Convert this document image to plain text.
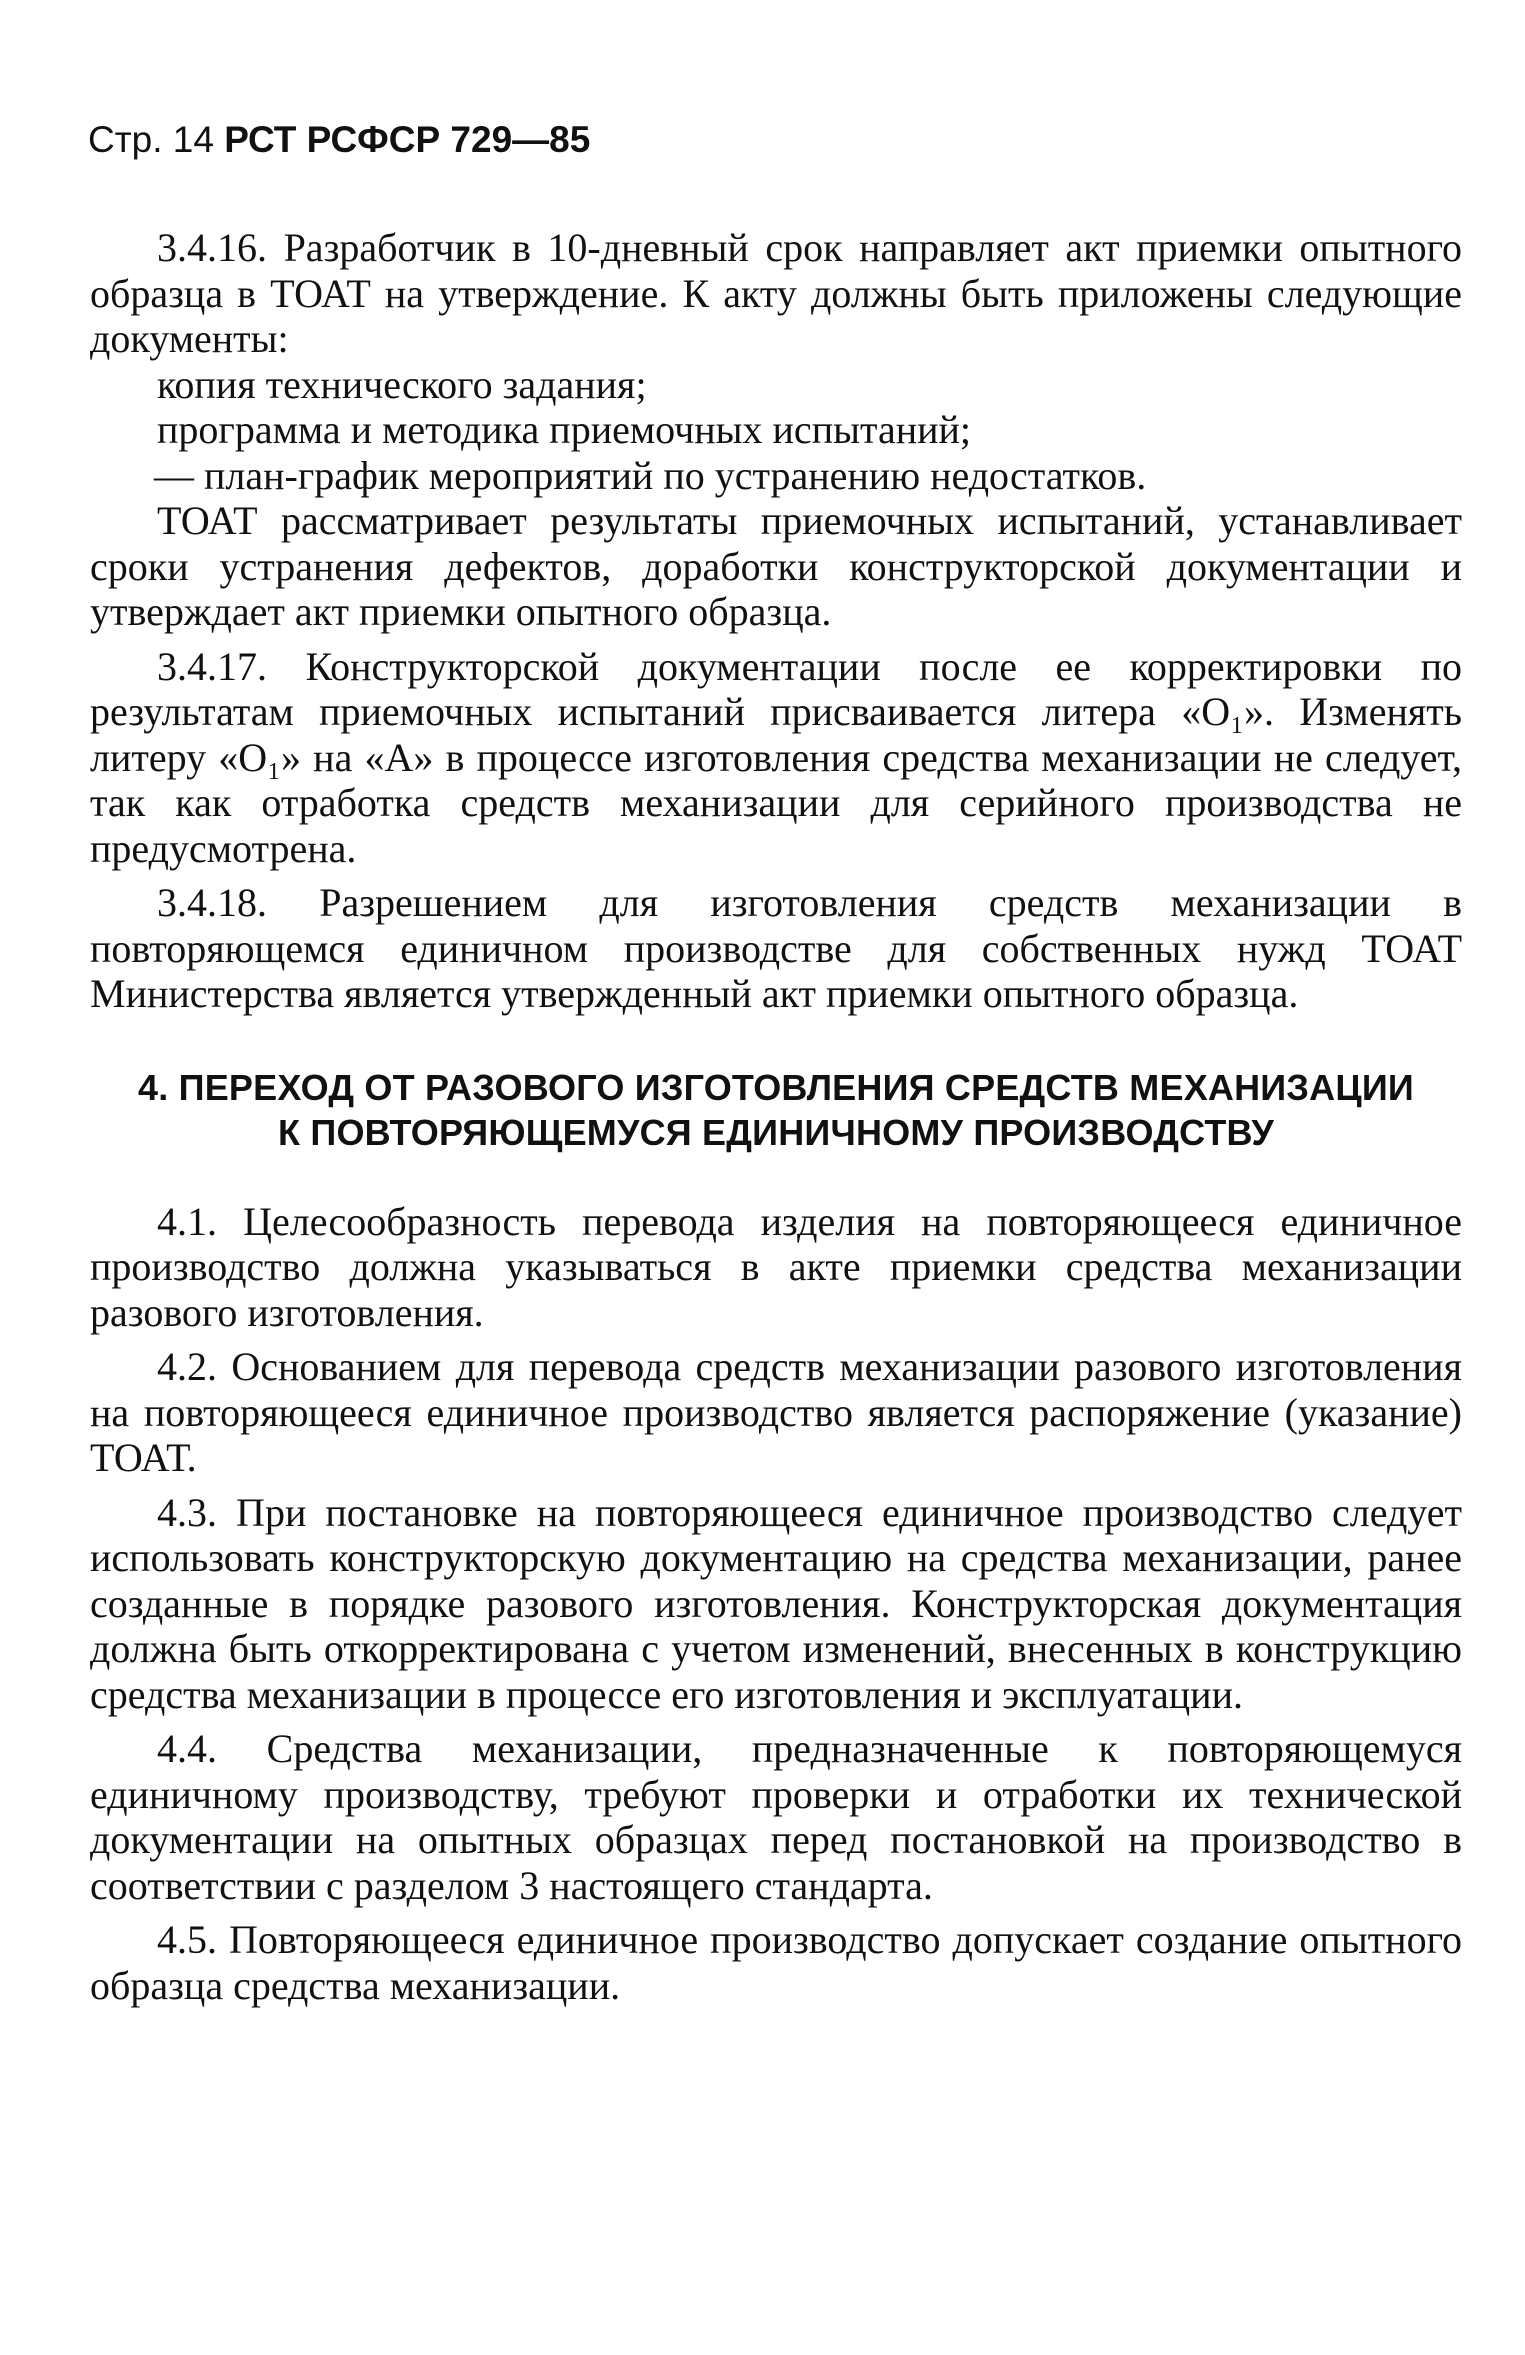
Стр. 14 РСТ РСФСР 729—85

3.4.16. Разработчик в 10-дневный срок направляет акт приемки опытного образца в ТОАТ на утверждение. К акту должны быть приложены следующие документы:

копия технического задания;

программа и методика приемочных испытаний;

— план-график мероприятий по устранению недостатков.

ТОАТ рассматривает результаты приемочных испытаний, устанавливает сроки устранения дефектов, доработки конструкторской документации и утверждает акт приемки опытного образца.

3.4.17. Конструкторской документации после ее корректировки по результатам приемочных испытаний присваивается литера «О₁». Изменять литеру «О₁» на «А» в процессе изготовления средства механизации не следует, так как отработка средств механизации для серийного производства не предусмотрена.

3.4.18. Разрешением для изготовления средств механизации в повторяющемся единичном производстве для собственных нужд ТОАТ Министерства является утвержденный акт приемки опытного образца.

4. ПЕРЕХОД ОТ РАЗОВОГО ИЗГОТОВЛЕНИЯ СРЕДСТВ МЕХАНИЗАЦИИ
К ПОВТОРЯЮЩЕМУСЯ ЕДИНИЧНОМУ ПРОИЗВОДСТВУ

4.1. Целесообразность перевода изделия на повторяющееся единичное производство должна указываться в акте приемки средства механизации разового изготовления.

4.2. Основанием для перевода средств механизации разового изготовления на повторяющееся единичное производство является распоряжение (указание) ТОАТ.

4.3. При постановке на повторяющееся единичное производство следует использовать конструкторскую документацию на средства механизации, ранее созданные в порядке разового изготовления. Конструкторская документация должна быть откорректирована с учетом изменений, внесенных в конструкцию средства механизации в процессе его изготовления и эксплуатации.

4.4. Средства механизации, предназначенные к повторяющемуся единичному производству, требуют проверки и отработки их технической документации на опытных образцах перед постановкой на производство в соответствии с разделом 3 настоящего стандарта.

4.5. Повторяющееся единичное производство допускает создание опытного образца средства механизации.
